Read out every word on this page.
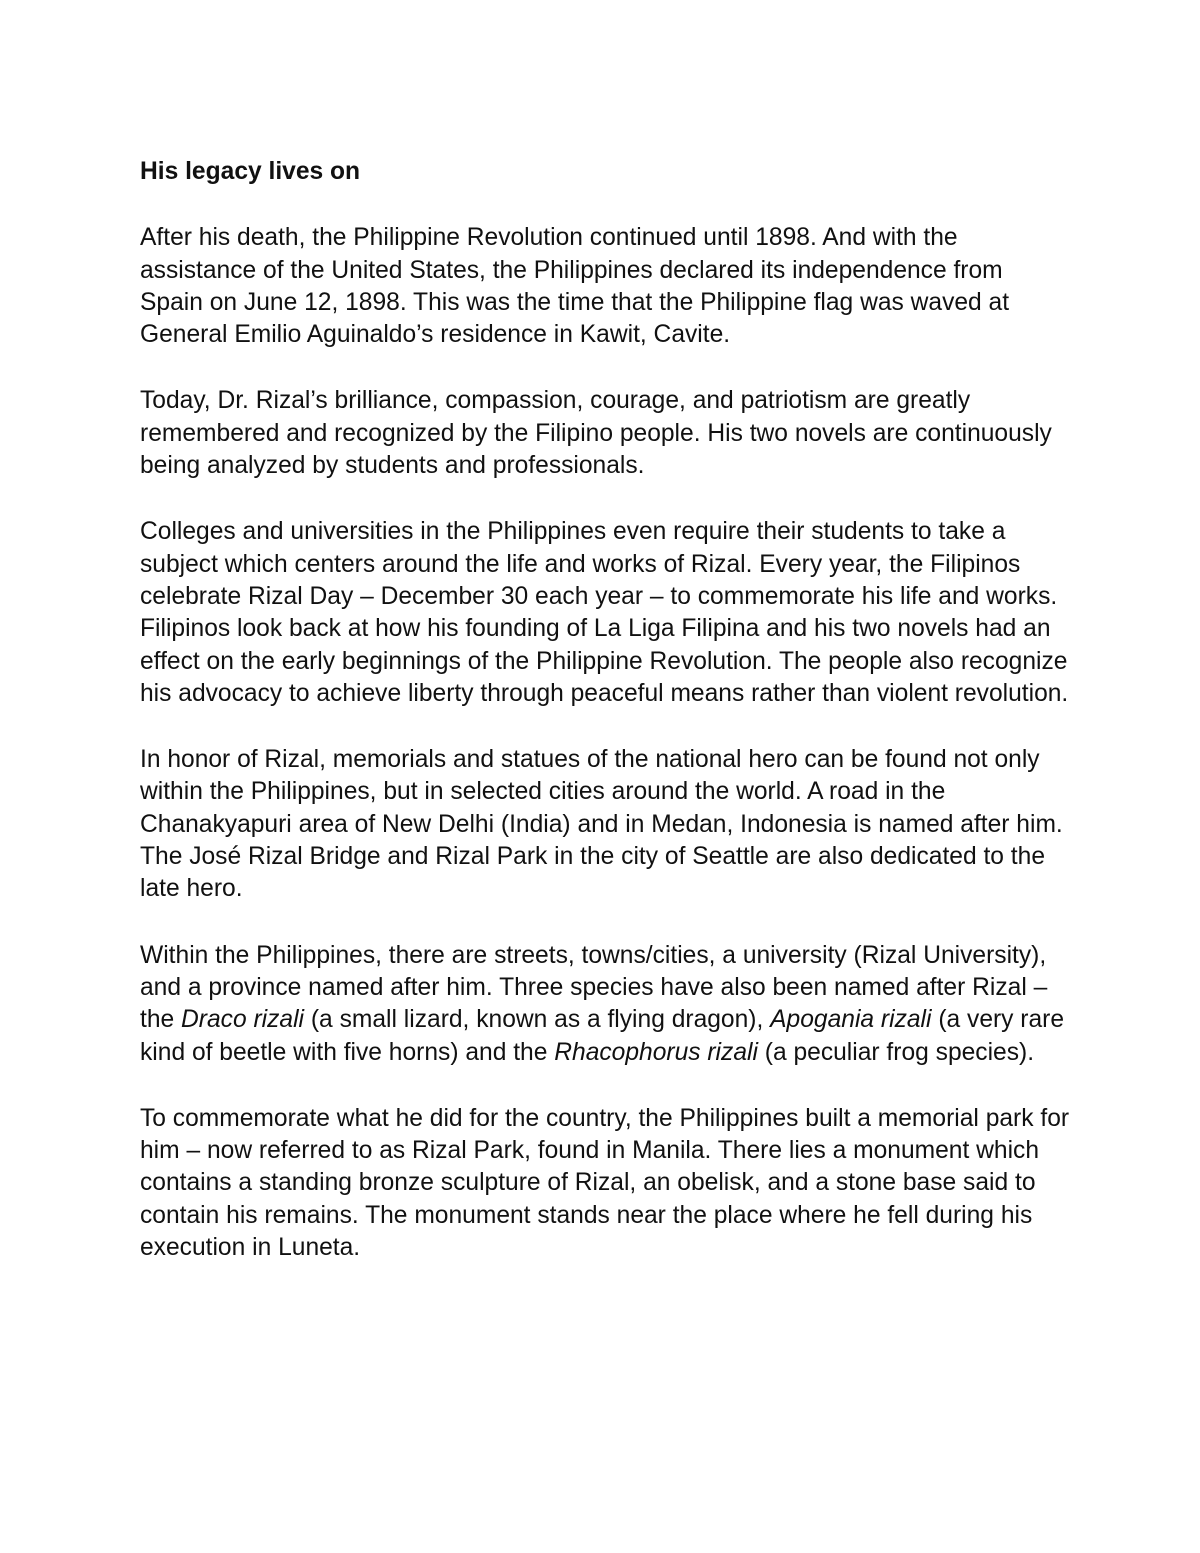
His legacy lives on

After his death, the Philippine Revolution continued until 1898. And with the assistance of the United States, the Philippines declared its independence from Spain on June 12, 1898. This was the time that the Philippine flag was waved at General Emilio Aguinaldo’s residence in Kawit, Cavite.

Today, Dr. Rizal’s brilliance, compassion, courage, and patriotism are greatly remembered and recognized by the Filipino people. His two novels are continuously being analyzed by students and professionals.

Colleges and universities in the Philippines even require their students to take a subject which centers around the life and works of Rizal. Every year, the Filipinos celebrate Rizal Day – December 30 each year – to commemorate his life and works. Filipinos look back at how his founding of La Liga Filipina and his two novels had an effect on the early beginnings of the Philippine Revolution. The people also recognize his advocacy to achieve liberty through peaceful means rather than violent revolution.

In honor of Rizal, memorials and statues of the national hero can be found not only within the Philippines, but in selected cities around the world. A road in the Chanakyapuri area of New Delhi (India) and in Medan, Indonesia is named after him. The José Rizal Bridge and Rizal Park in the city of Seattle are also dedicated to the late hero.

Within the Philippines, there are streets, towns/cities, a university (Rizal University), and a province named after him. Three species have also been named after Rizal – the Draco rizali (a small lizard, known as a flying dragon), Apogania rizali (a very rare kind of beetle with five horns) and the Rhacophorus rizali (a peculiar frog species).

To commemorate what he did for the country, the Philippines built a memorial park for him – now referred to as Rizal Park, found in Manila. There lies a monument which contains a standing bronze sculpture of Rizal, an obelisk, and a stone base said to contain his remains. The monument stands near the place where he fell during his execution in Luneta.
